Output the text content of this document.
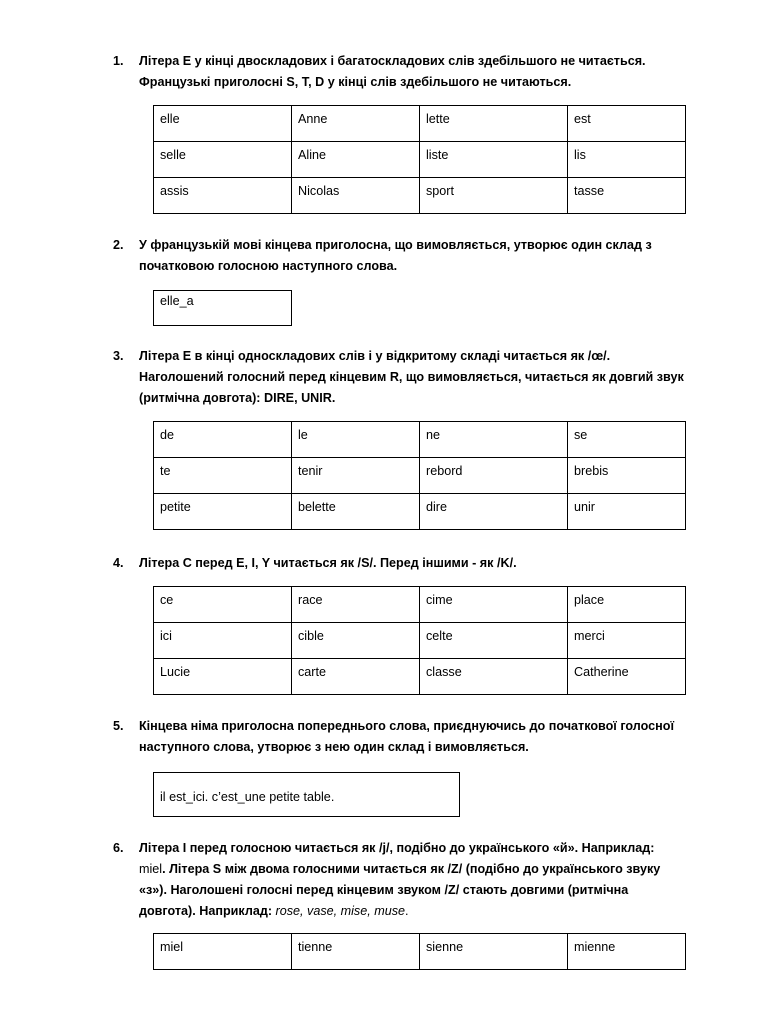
1.	Літера E у кінці двоскладових і багатоскладових слів здебільшого не читається.
Французькі приголосні S, T, D у кінці слів здебільшого не читаються.
elle	Anne	lette	est
selle	Aline	liste	lis
assis	Nicolas	sport	tasse
2.	У французькій мові кінцева приголосна, що вимовляється, утворює один склад з
початковою голосною наступного слова.
elle_a
3.	Літера E в кінці односкладових слів і у відкритому складі читається як /œ/.
Наголошений голосний перед кінцевим R, що вимовляється, читається як довгий звук
(ритмічна довгота): DIRE, UNIR.
de	le	ne	se
te	tenir	rebord	brebis
petite	belette	dire	unir
4.	Літера C перед E, I, Y читається як /S/. Перед іншими - як /K/.
ce	race	cime	place
ici	cible	celte	merci
Lucie	carte	classe	Catherine
5.	Кінцева німа приголосна попереднього слова, приєднуючись до початкової голосної
наступного слова, утворює з нею один склад і вимовляється.
il est_ici. c’est_une petite table.
6.	Літера I перед голосною читається як /j/, подібно до українського «й». Наприклад:
miel. Літера S між двома голосними читається як /Z/ (подібно до українського звуку
«з»). Наголошені голосні перед кінцевим звуком /Z/ стають довгими (ритмічна
довгота). Наприклад: rose, vase, mise, muse.
miel	tienne	sienne	mienne
